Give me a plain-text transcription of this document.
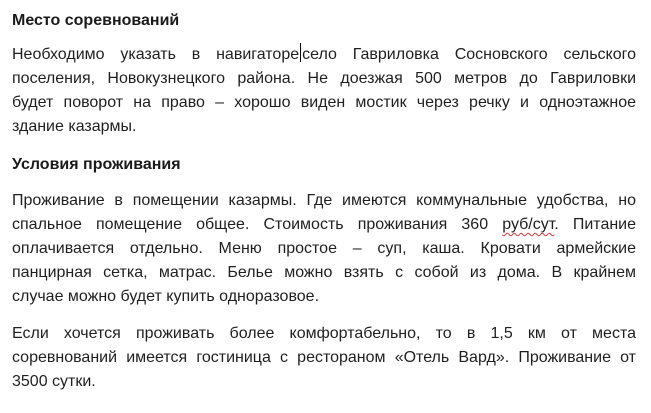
Место соревнований
Необходимо указать в навигаторе село Гавриловка Сосновского сельского
поселения, Новокузнецкого района. Не доезжая 500 метров до Гавриловки
будет поворот на право – хорошо виден мостик через речку и одноэтажное
здание казармы.
Условия проживания
Проживание в помещении казармы. Где имеются коммунальные удобства, но
спальное помещение общее. Стоимость проживания 360 руб/сут. Питание
оплачивается отдельно. Меню простое – суп, каша. Кровати армейские
панцирная сетка, матрас. Белье можно взять с собой из дома. В крайнем
случае можно будет купить одноразовое.
Если хочется проживать более комфортабельно, то в 1,5 км от места
соревнований имеется гостиница с рестораном «Отель Вард». Проживание от
3500 сутки.
